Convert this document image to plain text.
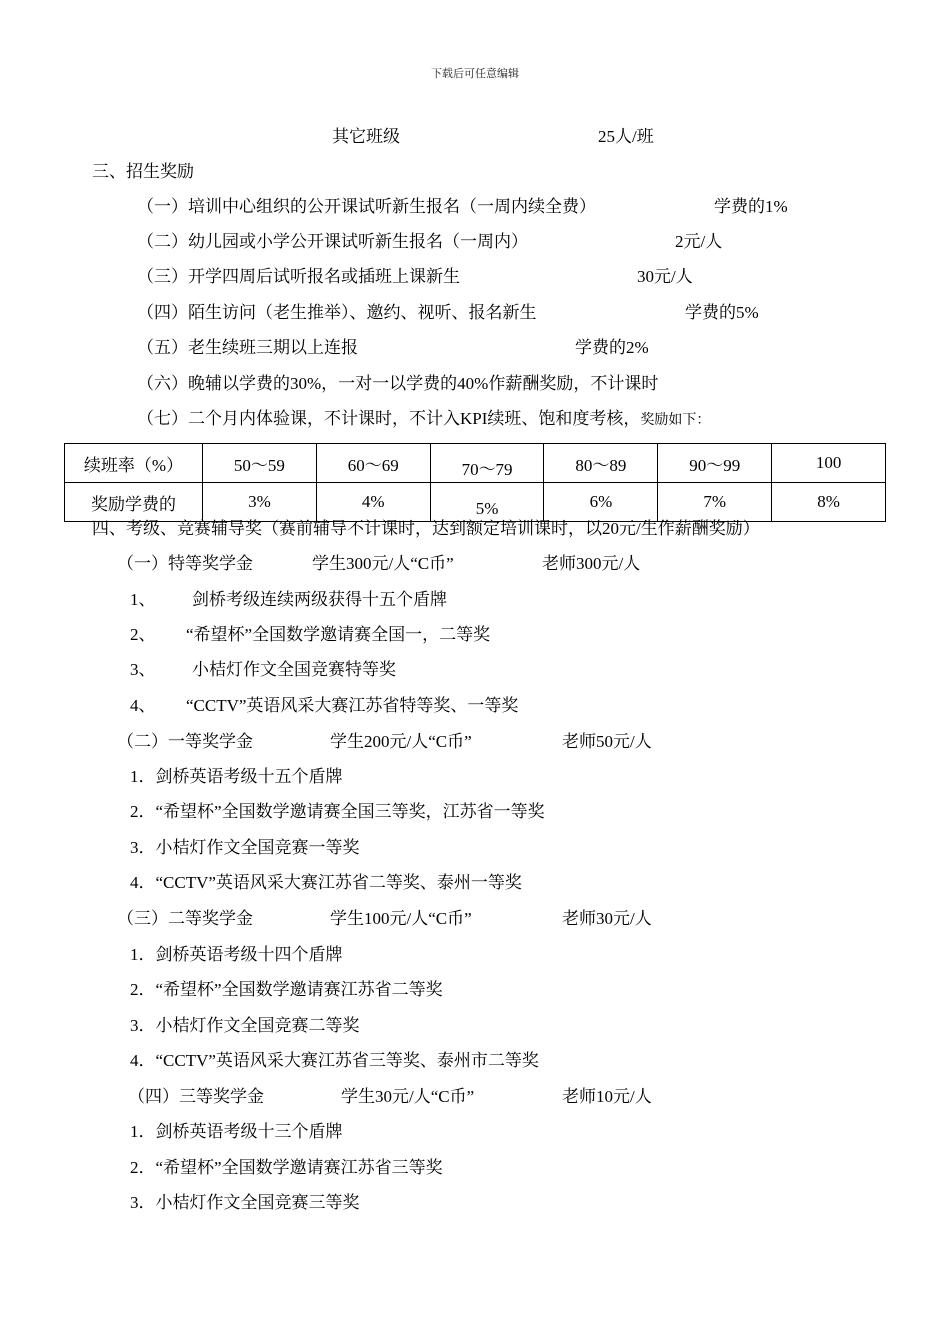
下载后可任意编辑
其它班级	25人/班
三、招生奖励
（一）培训中心组织的公开课试听新生报名（一周内续全费）	学费的1%
（二）幼儿园或小学公开课试听新生报名（一周内）	2元/人
（三）开学四周后试听报名或插班上课新生	30元/人
（四）陌生访问（老生推举）、邀约、视听、报名新生	学费的5%
（五）老生续班三期以上连报	学费的2%
（六）晚辅以学费的30%，一对一以学费的40%作薪酬奖励，不计课时
（七）二个月内体验课，不计课时，不计入KPI续班、饱和度考核，奖励如下：
续班率（%）	50～59	60～69	70～79	80～89	90～99	100
奖励学费的	3%	4%	5%	6%	7%	8%
四、考级、竞赛辅导奖（赛前辅导不计课时，达到额定培训课时，以20元/生作薪酬奖励）
（一）特等奖学金	学生300元/人“C币”	老师300元/人
1、 剑桥考级连续两级获得十五个盾牌
2、 “希望杯”全国数学邀请赛全国一，二等奖
3、 小桔灯作文全国竞赛特等奖
4、 “CCTV”英语风采大赛江苏省特等奖、一等奖
（二）一等奖学金	学生200元/人“C币”	老师50元/人
1．剑桥英语考级十五个盾牌
2．“希望杯”全国数学邀请赛全国三等奖，江苏省一等奖
3．小桔灯作文全国竞赛一等奖
4．“CCTV”英语风采大赛江苏省二等奖、泰州一等奖
（三）二等奖学金	学生100元/人“C币”	老师30元/人
1．剑桥英语考级十四个盾牌
2．“希望杯”全国数学邀请赛江苏省二等奖
3．小桔灯作文全国竞赛二等奖
4．“CCTV”英语风采大赛江苏省三等奖、泰州市二等奖
（四）三等奖学金	学生30元/人“C币”	老师10元/人
1．剑桥英语考级十三个盾牌
2．“希望杯”全国数学邀请赛江苏省三等奖
3．小桔灯作文全国竞赛三等奖
